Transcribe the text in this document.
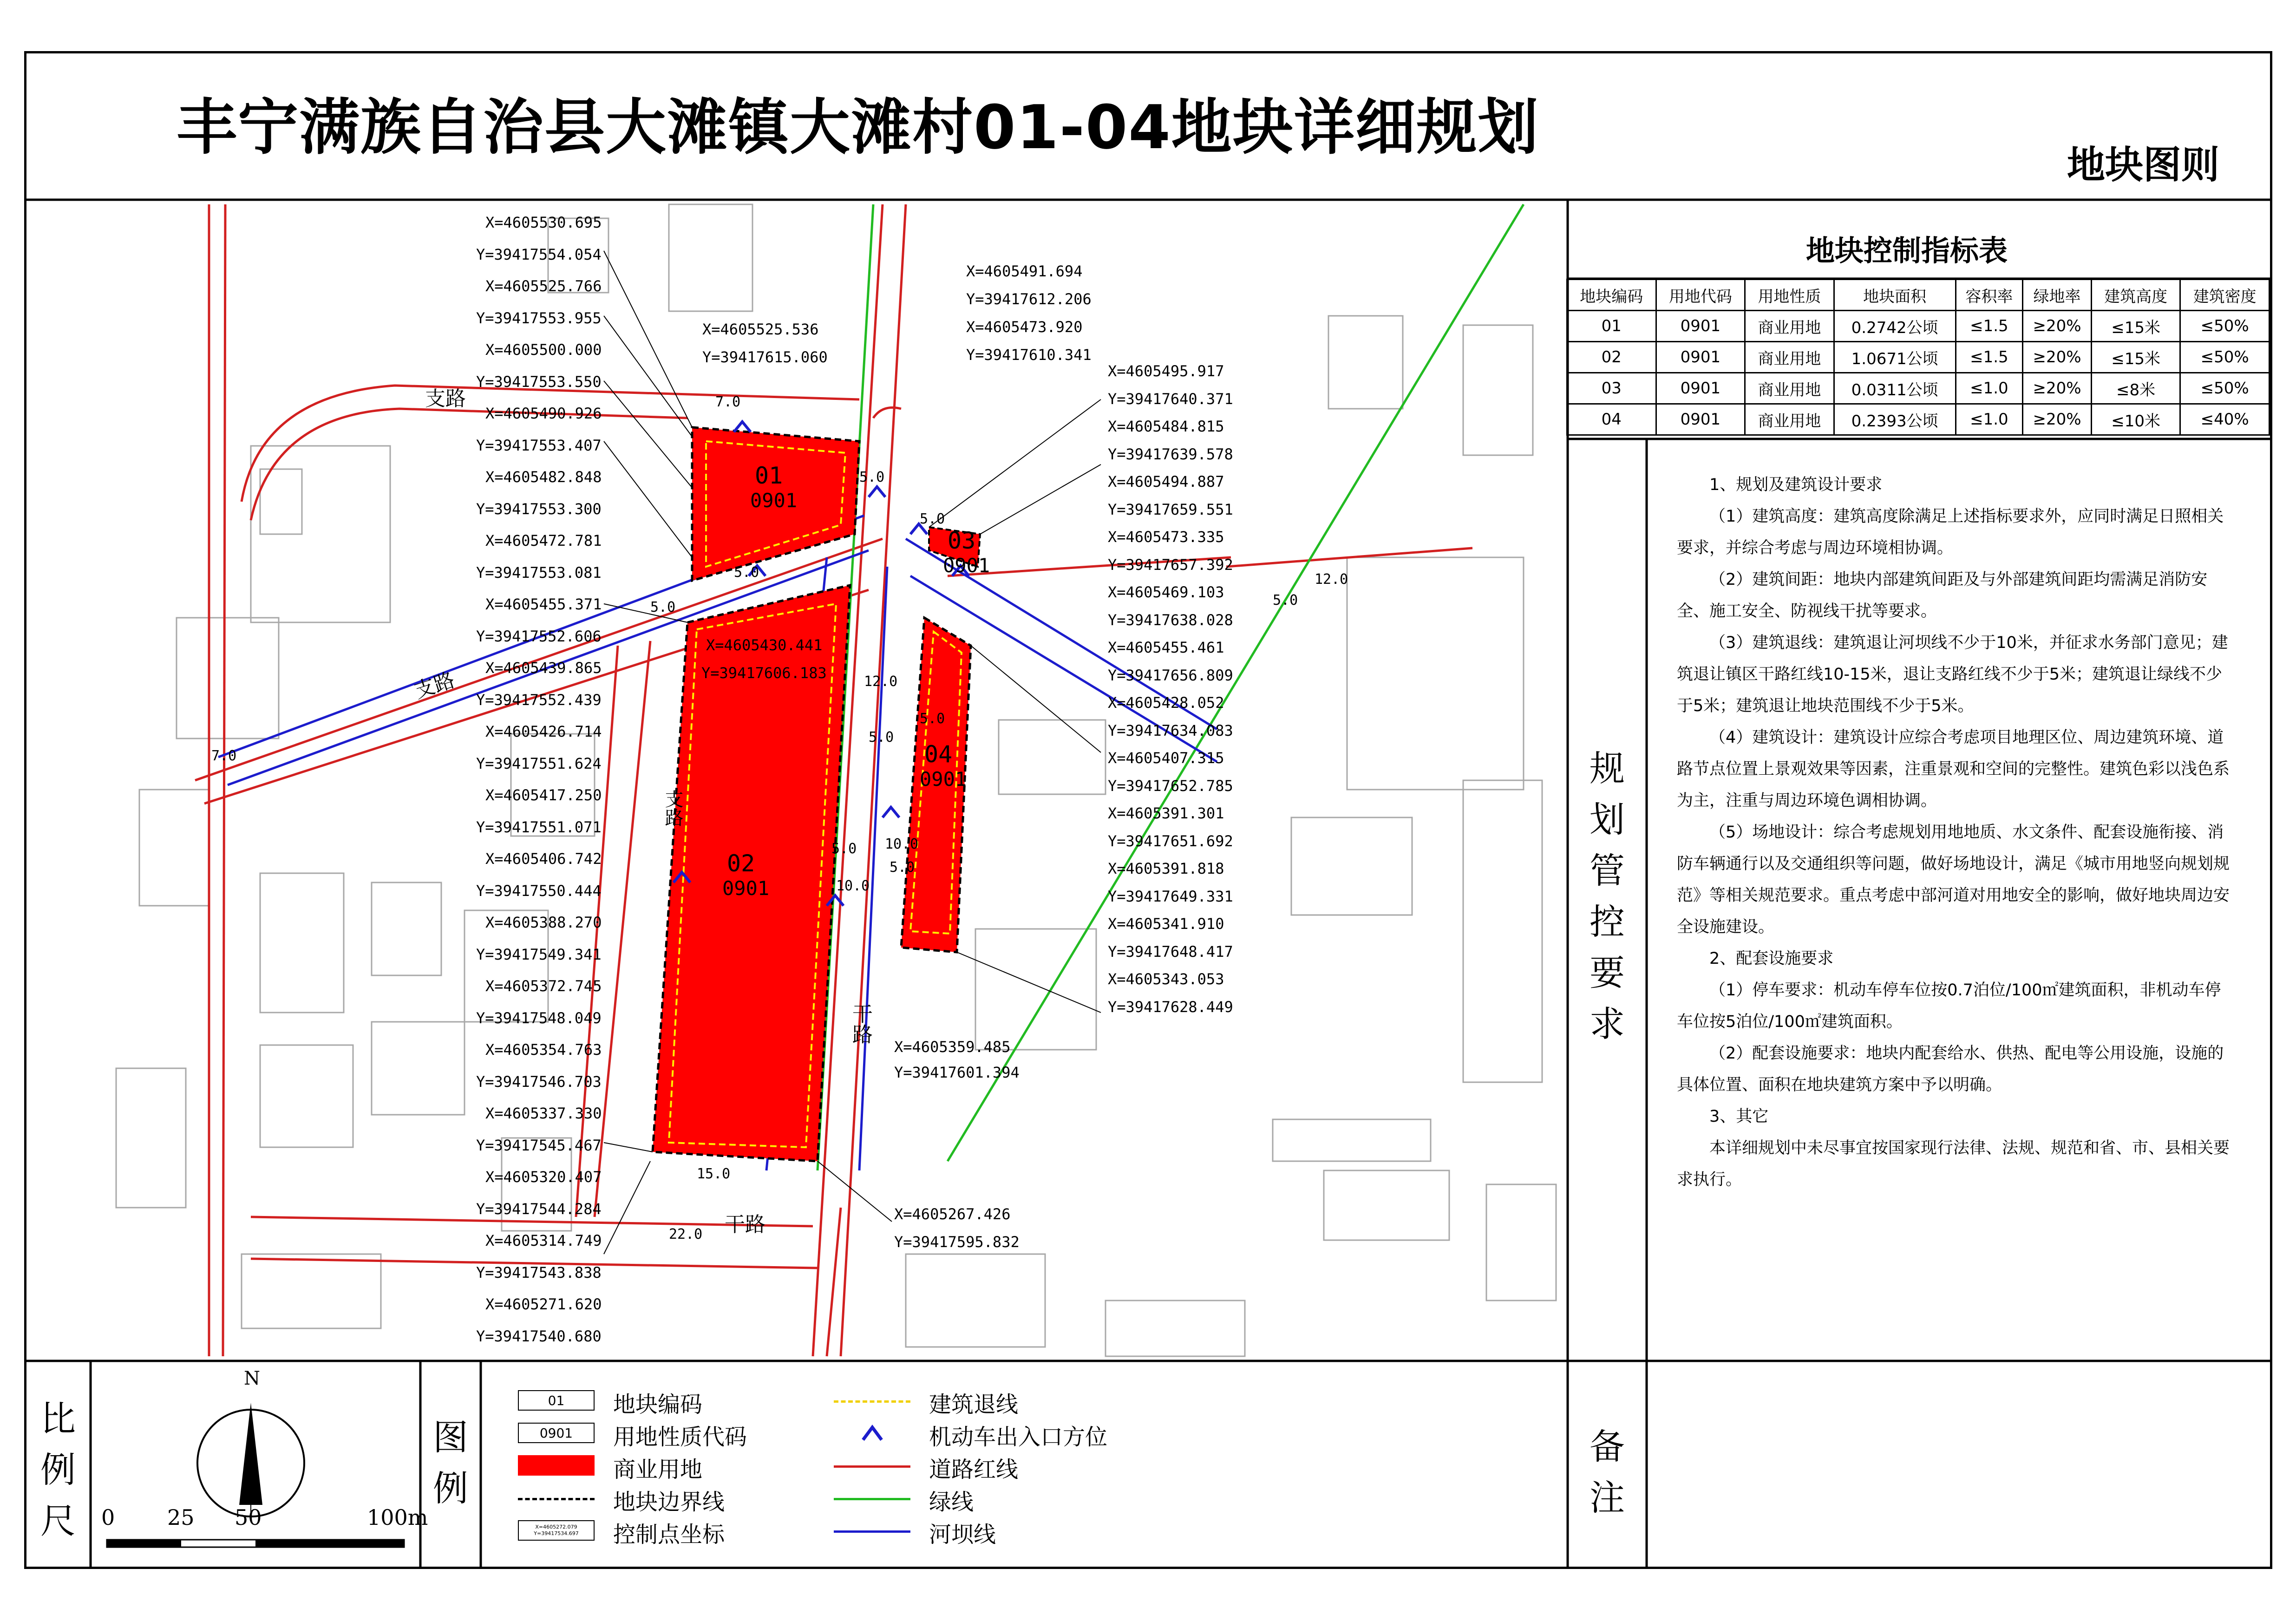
丰宁满族自治县大滩镇大滩村01-04地块详细规划
地块图则
地块控制指标表
地块编码	用地代码	用地性质	地块面积	容积率	绿地率	建筑高度	建筑密度
01	0901	商业用地	0.2742公顷	≤1.5	≥20%	≤15米	≤50%
02	0901	商业用地	1.0671公顷	≤1.5	≥20%	≤15米	≤50%
03	0901	商业用地	0.0311公顷	≤1.0	≥20%	≤8米	≤50%
04	0901	商业用地	0.2393公顷	≤1.0	≥20%	≤10米	≤40%
规划管控要求

1、规划及建筑设计要求

（1）建筑高度：建筑高度除满足上述指标要求外，应同时满足日照相关要求，并综合考虑与周边环境相协调。

（2）建筑间距：地块内部建筑间距及与外部建筑间距均需满足消防安全、施工安全、防视线干扰等要求。

（3）建筑退线：建筑退让河坝线不少于10米，并征求水务部门意见；建筑退让镇区干路红线10-15米，退让支路红线不少于5米；建筑退让绿线不少于5米；建筑退让地块范围线不少于5米。

（4）建筑设计：建筑设计应综合考虑项目地理区位、周边建筑环境、道路节点位置上景观效果等因素，注重景观和空间的完整性。建筑色彩以浅色系为主，注重与周边环境色调相协调。

（5）场地设计：综合考虑规划用地地质、水文条件、配套设施衔接、消防车辆通行以及交通组织等问题，做好场地设计，满足《城市用地竖向规划规范》等相关规范要求。重点考虑中部河道对用地安全的影响，做好地块周边安全设施建设。

2、配套设施要求

（1）停车要求：机动车停车位按0.7泊位/100㎡建筑面积，非机动车停车位按5泊位/100㎡建筑面积。

（2）配套设施要求：地块内配套给水、供热、配电等公用设施，设施的具体位置、面积在地块建筑方案中予以明确。

3、其它

本详细规划中未尽事宜按国家现行法律、法规、规范和省、市、县相关要求执行。

比例尺
N
0 25 50	100m
图例
01	地块编码
0901	用地性质代码
商业用地
地块边界线
X=4605272.079 Y=39417534.697	控制点坐标
建筑退线
机动车出入口方位
道路红线
绿线
河坝线
备注
01
0901
02
0901
03
0901
04
0901
支路
支路
支路
干路
干路
7.0
5.0
5.0
5.0
12.0
5.0
5.0 10.0
10.0
5.0
7.0
12.0
5.0
15.0
22.0
5.0
5.0
X=4605530.695
Y=39417554.054
X=4605525.766
Y=39417553.955
X=4605500.000
Y=39417553.550
X=4605490.926
Y=39417553.407
X=4605482.848
Y=39417553.300
X=4605472.781
Y=39417553.081
X=4605455.371
Y=39417552.606
X=4605439.865
Y=39417552.439
X=4605426.714
Y=39417551.624
X=4605417.250
Y=39417551.071
X=4605406.742
Y=39417550.444
X=4605388.270
Y=39417549.341
X=4605372.745
Y=39417548.049
X=4605354.763
Y=39417546.703
X=4605337.330
Y=39417545.467
X=4605320.407
Y=39417544.284
X=4605314.749
Y=39417543.838
X=4605271.620
Y=39417540.680
X=4605525.536
Y=39417615.060
X=4605491.694
Y=39417612.206
X=4605473.920
Y=39417610.341
X=4605430.441
Y=39417606.183
X=4605359.485
Y=39417601.394
X=4605267.426
Y=39417595.832
X=4605495.917
Y=39417640.371
X=4605484.815
Y=39417639.578
X=4605494.887
Y=39417659.551
X=4605473.335
Y=39417657.392
X=4605469.103
Y=39417638.028
X=4605455.461
Y=39417656.809
X=4605428.052
Y=39417634.083
X=4605407.315
Y=39417652.785
X=4605391.301
Y=39417651.692
X=4605391.818
Y=39417649.331
X=4605341.910
Y=39417648.417
X=4605343.053
Y=39417628.449
